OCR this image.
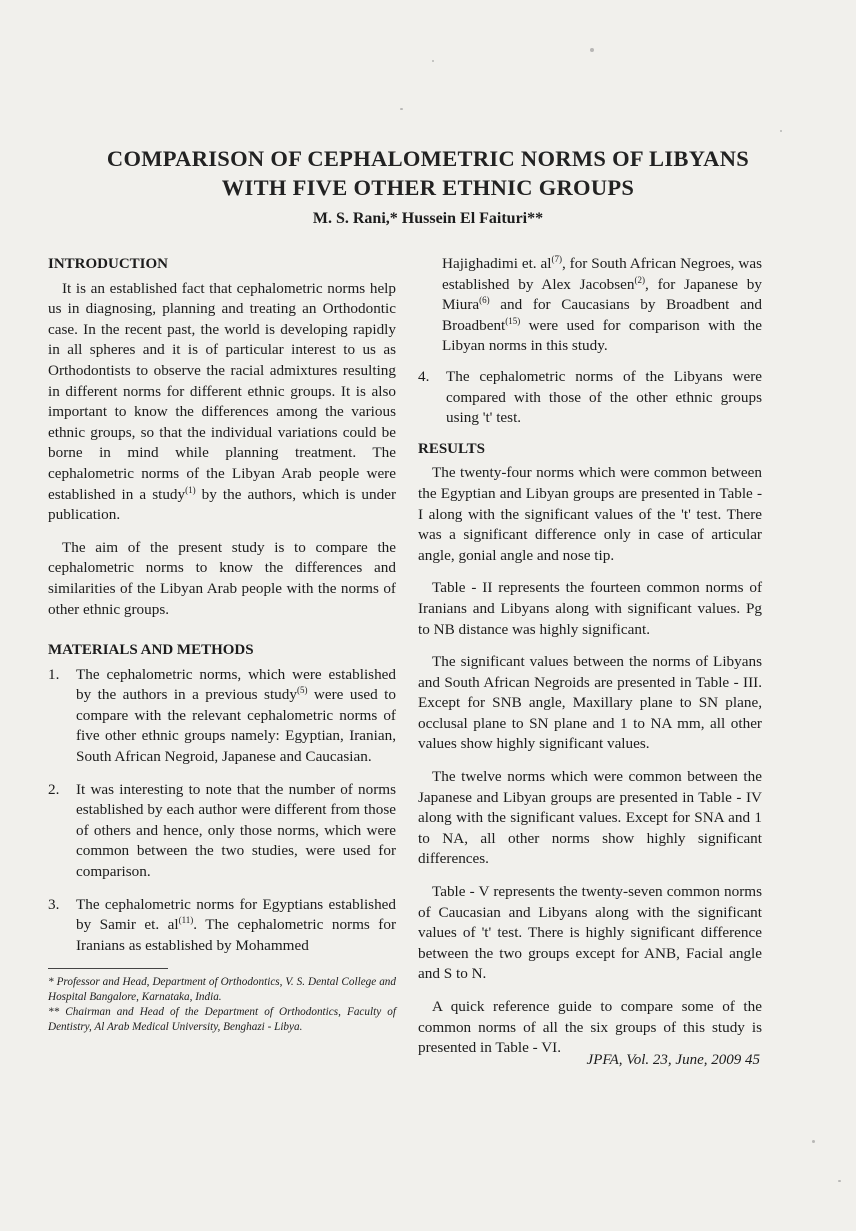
COMPARISON OF CEPHALOMETRIC NORMS OF LIBYANS
WITH FIVE OTHER ETHNIC GROUPS
M. S. Rani,* Hussein El Faituri**
INTRODUCTION

It is an established fact that cephalometric norms help us in diagnosing, planning and treating an Orthodontic case. In the recent past, the world is developing rapidly in all spheres and it is of particular interest to us as Orthodontists to observe the racial admixtures resulting in different norms for different ethnic groups. It is also important to know the differences among the various ethnic groups, so that the individual variations could be borne in mind while planning treatment. The cephalometric norms of the Libyan Arab people were established in a study$^{(1)}$ by the authors, which is under publication.

The aim of the present study is to compare the cephalometric norms to know the differences and similarities of the Libyan Arab people with the norms of other ethnic groups.

MATERIALS AND METHODS
1. The cephalometric norms, which were established by the authors in a previous study$^{(5)}$ were used to compare with the relevant cephalometric norms of five other ethnic groups namely: Egyptian, Iranian, South African Negroid, Japanese and Caucasian.
2. It was interesting to note that the number of norms established by each author were different from those of others and hence, only those norms, which were common between the two studies, were used for comparison.
3. The cephalometric norms for Egyptians established by Samir et. $al^{(11)}$. The cephalometric norms for Iranians as established by Mohammed
* Professor and Head, Department of Orthodontics, V. S. Dental College and Hospital Bangalore, Karnataka, India.
** Chairman and Head of the Department of Orthodontics, Faculty of Dentistry, Al Arab Medical University, Benghazi - Libya.

Hajighadimi et. $al^{(7)}$, for South African Negroes, was established by Alex Jacobsen$^{(2)}$, for Japanese by Miura$^{(6)}$ and for Caucasians by Broadbent and Broadbent$^{(15)}$ were used for comparison with the Libyan norms in this study.

4. The cephalometric norms of the Libyans were compared with those of the other ethnic groups using 't' test.
RESULTS

The twenty-four norms which were common between the Egyptian and Libyan groups are presented in Table - I along with the significant values of the 't' test. There was a significant difference only in case of articular angle, gonial angle and nose tip.

Table - II represents the fourteen common norms of Iranians and Libyans along with significant values. Pg to NB distance was highly significant.

The significant values between the norms of Libyans and South African Negroids are presented in Table - III. Except for SNB angle, Maxillary plane to SN plane, occlusal plane to SN plane and 1 to NA mm, all other values show highly significant values.

The twelve norms which were common between the Japanese and Libyan groups are presented in Table - IV along with the significant values. Except for SNA and 1 to NA, all other norms show highly significant differences.

Table - V represents the twenty-seven common norms of Caucasian and Libyans along with the significant values of 't' test. There is highly significant difference between the two groups except for ANB, Facial angle and S to N.

A quick reference guide to compare some of the common norms of all the six groups of this study is presented in Table - VI.

JPFA, Vol. 23, June, 2009 45
